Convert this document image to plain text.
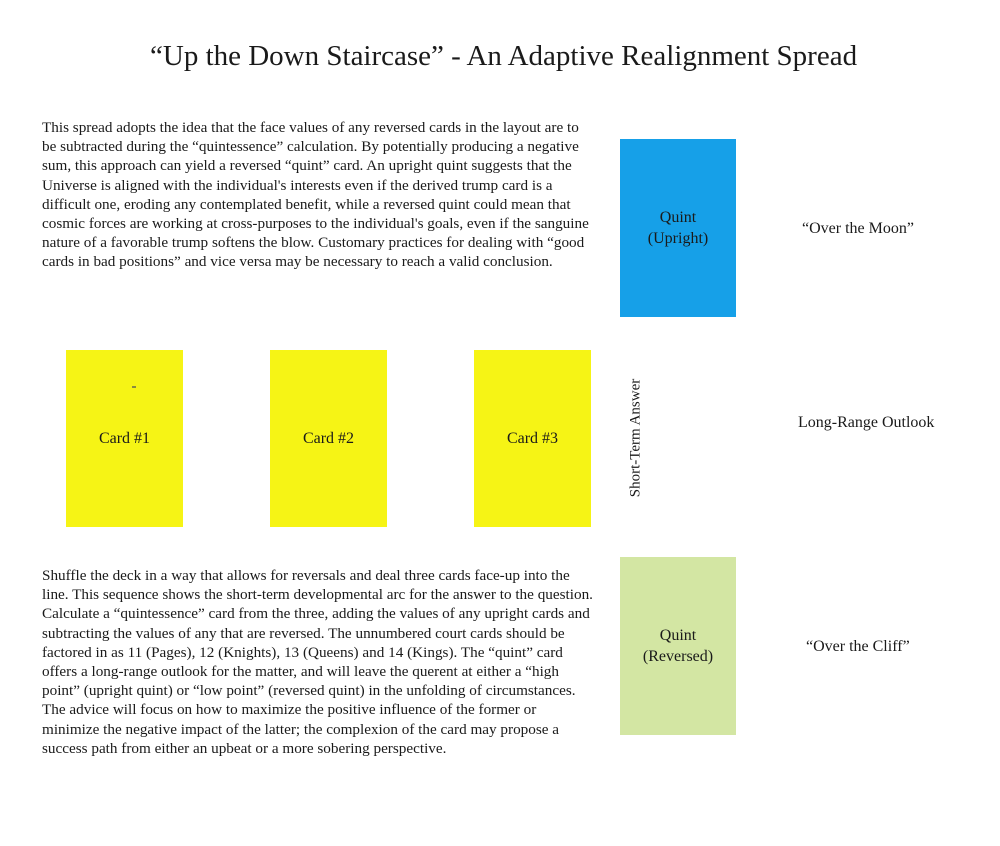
“Up the Down Staircase” - An Adaptive Realignment Spread
This spread adopts the idea that the face values of any reversed cards in the layout are to be subtracted during the “quintessence” calculation. By potentially producing a negative sum, this approach can yield a reversed “quint” card. An upright quint suggests that the Universe is aligned with the individual's interests even if the derived trump card is a difficult one, eroding any contemplated benefit, while a reversed quint could mean that cosmic forces are working at cross-purposes to the individual's goals, even if the sanguine nature of a favorable trump softens the blow. Customary practices for dealing with “good cards in bad positions” and vice versa may be necessary to reach a valid conclusion.
Quint
(Upright)
“Over the Moon”
Card #1	Card #2	Card #3	Short-Term Answer	Long-Range Outlook
Shuffle the deck in a way that allows for reversals and deal three cards face-up into the line. This sequence shows the short-term developmental arc for the answer to the question. Calculate a “quintessence” card from the three, adding the values of any upright cards and subtracting the values of any that are reversed. The unnumbered court cards should be factored in as 11 (Pages), 12 (Knights), 13 (Queens) and 14 (Kings). The “quint” card offers a long-range outlook for the matter, and will leave the querent at either a “high point” (upright quint) or “low point” (reversed quint) in the unfolding of circumstances. The advice will focus on how to maximize the positive influence of the former or minimize the negative impact of the latter; the complexion of the card may propose a success path from either an upbeat or a more sobering perspective.
Quint
(Reversed)
“Over the Cliff”
